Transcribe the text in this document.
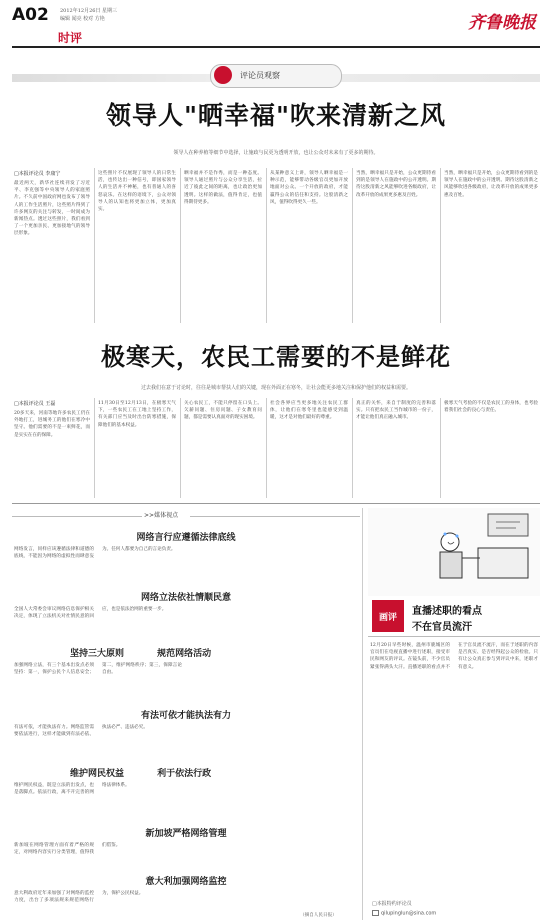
A02 2012年12月26日 星期三
编辑 闻亮 校对 方艳
时评
齐鲁晚报
评论员观察
领导人"晒幸福"吹来清新之风
领导人在种养植等细节中选择，让施政与民更为透明开放，也让公众对未来有了更多的期待。
□本报评论员 李康宁
最近两天，新华社连续刊发了习近平、李克强等中央领导人的家庭照片。不久前中国政府网也发布了领导人的工作生活照片，这些照片得到了许多网友的关注与转发，一时间成为新闻热点。透过这些照片，我们看到了一个更加亲民、更加接地气的领导层形象。
这些照片不仅展现了领导人的日常生活，也传达出一种信号，即国家领导人的生活并不神秘，也有普通人的喜怒哀乐。在这样的语境下，公众对领导人的认知也将更加立体，更加真实。
晒幸福并不是作秀，而是一种态度。领导人通过照片与公众分享生活，拉近了彼此之间的距离，也让政治更加透明。这样的做法，值得肯定，也值得期待更多。
从某种意义上讲，领导人晒幸福是一种示范，能够带动各级官员更加开放地面对公众。一个开放的政府，才能赢得公众的信任和支持。这股清新之风，值得吹得更久一些。
当然，晒幸福只是开始，公众更期待看到的是领导人在施政中的公开透明。期待这股清新之风能够吹进各级政府，让改革开放的成果更多惠及百姓。
当然，晒幸福只是开始，公众更期待看到的是领导人在施政中的公开透明。期待这股清新之风能够吹进各级政府，让改革开放的成果更多惠及百姓。
极寒天，农民工需要的不是鲜花
过去我们在意于讨论时，往往是城市帮扶人们的关键，现在外面正在寒冬，让社会能更多地关注和保护他们的权益和需要。
□本报评论员 王磊
20多天来，河南等地许多农民工仍在外地打工，进城务工的他们在寒冷中坚守。他们需要的不是一束鲜花，而是实实在在的保障。
11月30日至12月13日，在极寒天气下，一些农民工在工地上坚持工作，有关部门应当及时出台防寒措施，保障他们的基本权益。
关心农民工，不能只停留在口头上。欠薪问题、住房问题、子女教育问题，都是需要认真面对的现实困境。
社会各界应当更多地关注农民工群体，让他们在寒冬里也能感受到温暖，这才是对他们最好的尊重。
真正的关怀，来自于制度的完善和落实。只有把农民工当作城市的一份子，才能让他们真正融入城市。
极寒天气考验的不仅是农民工的身体，也考验着我们社会的良心与责任。
>>媒体视点
网络言行应遵循法律底线
网络发言，同样应该遵循法律和道德的底线，不能因为网络的虚拟性而肆意妄为。任何人都要为自己的言论负责。
网络立法依社情顺民意
全国人大常委会审议网络信息保护相关决定，体现了立法机关对社情民意的回应，也是依法治网的重要一步。
坚持三大原则	规范网络活动
加强网络立法，有三个基本出发点必须坚持：第一，保护公民个人信息安全；第二，维护网络秩序；第三，保障言论自由。
有法可依才能执法有力
有法可依，才能执法有力。网络监管需要依法进行，这样才能做到有法必依、执法必严、违法必究。
维护网民权益	利于依法行政
维护网民权益，既是立法的出发点，也是落脚点。依法行政，离不开完善的网络法律体系。
新加坡严格网络管理
新加坡在网络管理方面有着严格的规定，对网络内容实行分类管理，值得我们借鉴。
意大利加强网络监控
意大利政府近年来加强了对网络的监控力度，出台了多项法规来规范网络行为，保护公民权益。
（摘自人民日报）
画评
直播述职的看点
不在官员流汗
12月20日早些时候，温州市鹿城区的官员们在电视直播中进行述职，接受市民和网友的评议。在镜头前，不少官员紧张得满头大汗。直播述职的看点并不在于官员流不流汗，而在于述职的内容是否真实、是否经得起公众的检验。只有让公众真正参与到评议中来，述职才有意义。
□本报特约评论员
qilupinglun@sina.com
